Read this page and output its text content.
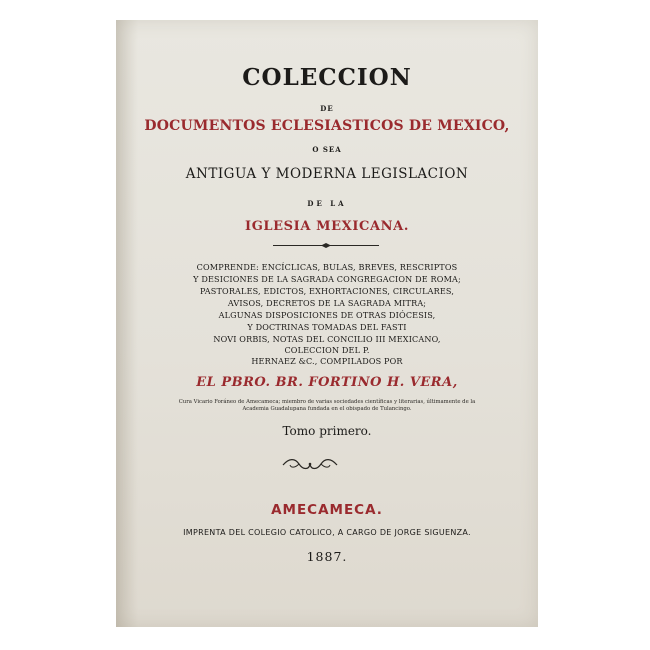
COLECCION

DE

DOCUMENTOS ECLESIASTICOS DE MEXICO,

O SEA

ANTIGUA Y MODERNA LEGISLACION

DE LA

IGLESIA MEXICANA.

COMPRENDE: ENCÍCLICAS, BULAS, BREVES, RESCRIPTOS

Y DESICIONES DE LA SAGRADA CONGREGACION DE ROMA;

PASTORALES, EDICTOS, EXHORTACIONES, CIRCULARES,

AVISOS, DECRETOS DE LA SAGRADA MITRA;

ALGUNAS DISPOSICIONES DE OTRAS DIÓCESIS,

Y DOCTRINAS TOMADAS DEL FASTI

NOVI ORBIS, NOTAS DEL CONCILIO III MEXICANO,

COLECCION DEL P.

HERNAEZ &C., COMPILADOS POR

EL PBRO. BR. FORTINO H. VERA,

Cura Vicario Foráneo de Amecameca; miembro de varias sociedades científicas y literarias, últimamente de la

Academia Guadalupana fundada en el obispado de Tulancingo.

Tomo primero.

AMECAMECA.

IMPRENTA DEL COLEGIO CATOLICO, A CARGO DE JORGE SIGUENZA.

1887.
